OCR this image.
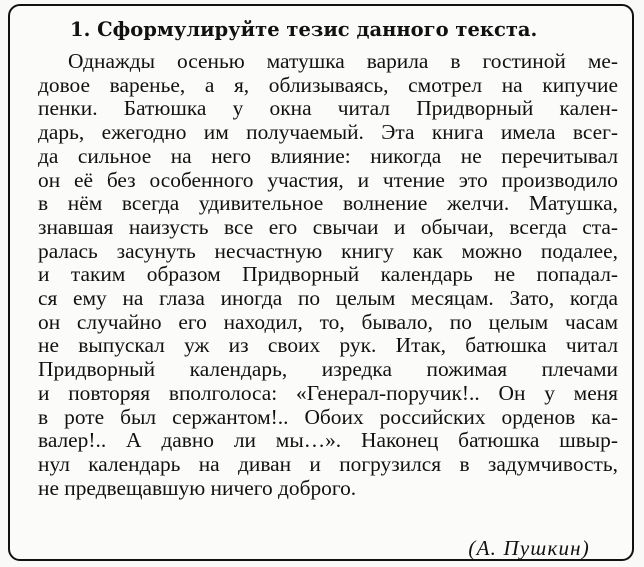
1. Сформулируйте тезис данного текста.
Однажды осенью матушка варила в гостиной ме-
довое варенье, а я, облизываясь, смотрел на кипучие
пенки. Батюшка у окна читал Придворный кален-
дарь, ежегодно им получаемый. Эта книга имела всег-
да сильное на него влияние: никогда не перечитывал
он её без особенного участия, и чтение это производило
в нём всегда удивительное волнение желчи. Матушка,
знавшая наизусть все его свычаи и обычаи, всегда ста-
ралась засунуть несчастную книгу как можно подалее,
и таким образом Придворный календарь не попадал-
ся ему на глаза иногда по целым месяцам. Зато, когда
он случайно его находил, то, бывало, по целым часам
не выпускал уж из своих рук. Итак, батюшка читал
Придворный календарь, изредка пожимая плечами
и повторяя вполголоса: «Генерал-поручик!.. Он у меня
в роте был сержантом!.. Обоих российских орденов ка-
валер!.. А давно ли мы…». Наконец батюшка швыр-
нул календарь на диван и погрузился в задумчивость,
не предвещавшую ничего доброго.
(А. Пушкин)
